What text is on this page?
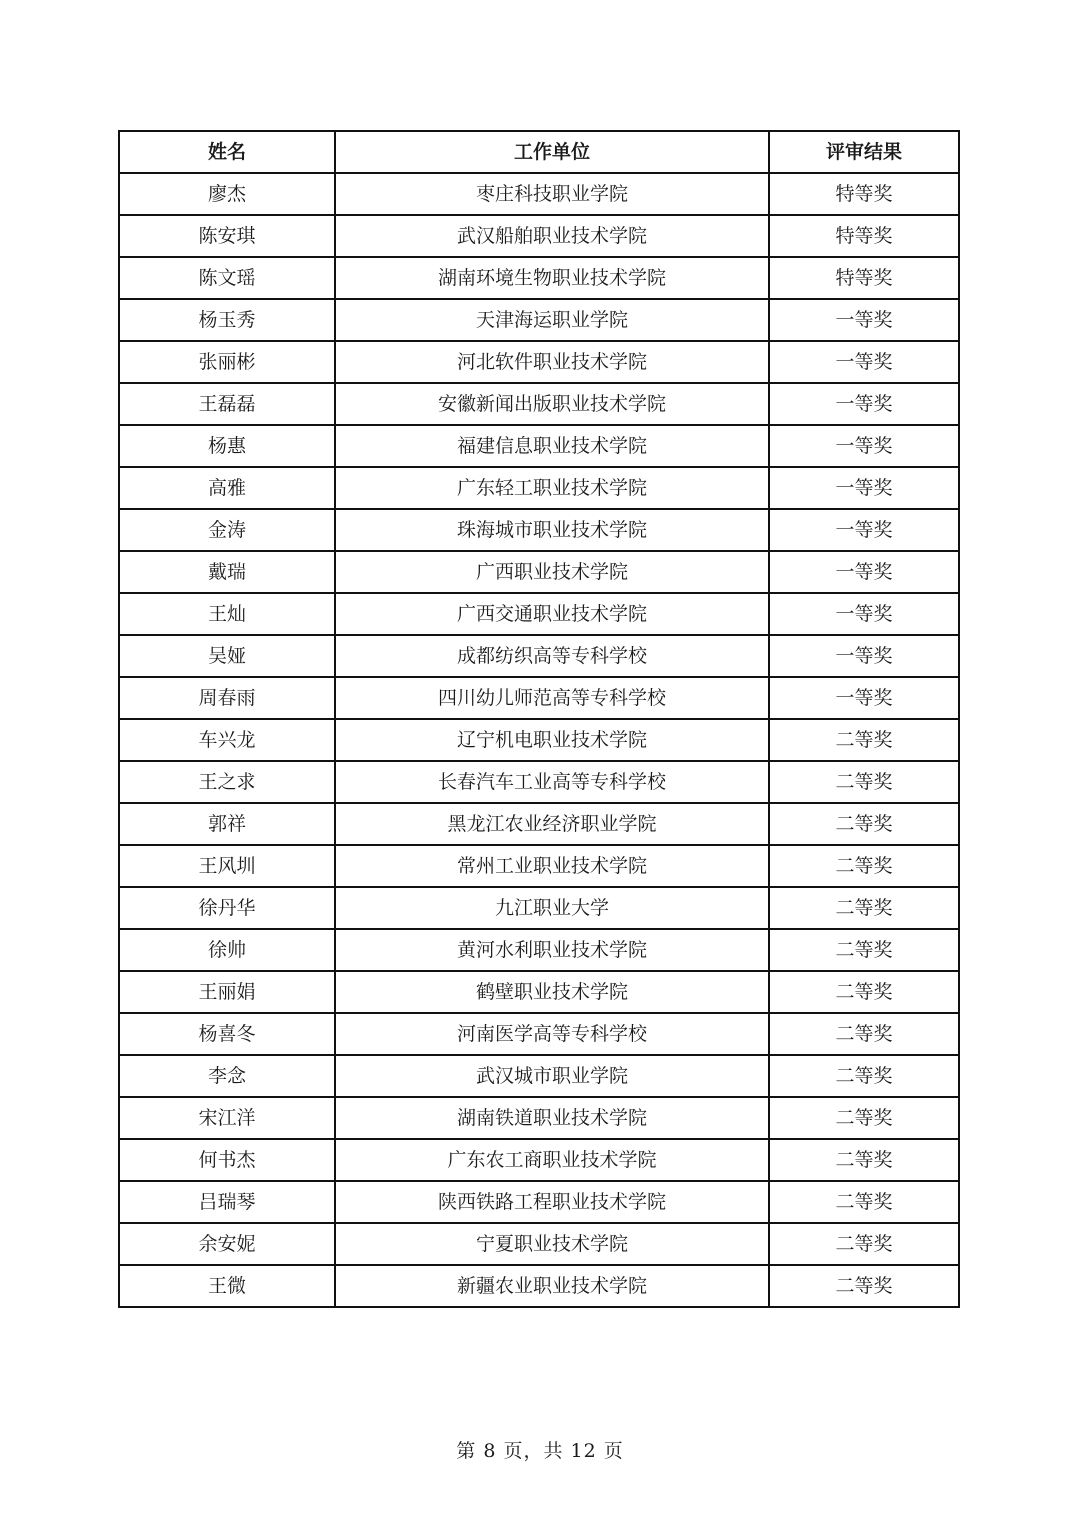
姓名	工作单位	评审结果
廖杰	枣庄科技职业学院	特等奖
陈安琪	武汉船舶职业技术学院	特等奖
陈文瑶	湖南环境生物职业技术学院	特等奖
杨玉秀	天津海运职业学院	一等奖
张丽彬	河北软件职业技术学院	一等奖
王磊磊	安徽新闻出版职业技术学院	一等奖
杨惠	福建信息职业技术学院	一等奖
高雅	广东轻工职业技术学院	一等奖
金涛	珠海城市职业技术学院	一等奖
戴瑞	广西职业技术学院	一等奖
王灿	广西交通职业技术学院	一等奖
吴娅	成都纺织高等专科学校	一等奖
周春雨	四川幼儿师范高等专科学校	一等奖
车兴龙	辽宁机电职业技术学院	二等奖
王之求	长春汽车工业高等专科学校	二等奖
郭祥	黑龙江农业经济职业学院	二等奖
王风圳	常州工业职业技术学院	二等奖
徐丹华	九江职业大学	二等奖
徐帅	黄河水利职业技术学院	二等奖
王丽娟	鹤壁职业技术学院	二等奖
杨喜冬	河南医学高等专科学校	二等奖
李念	武汉城市职业学院	二等奖
宋江洋	湖南铁道职业技术学院	二等奖
何书杰	广东农工商职业技术学院	二等奖
吕瑞琴	陕西铁路工程职业技术学院	二等奖
余安妮	宁夏职业技术学院	二等奖
王微	新疆农业职业技术学院	二等奖
第 8 页，共 12 页
